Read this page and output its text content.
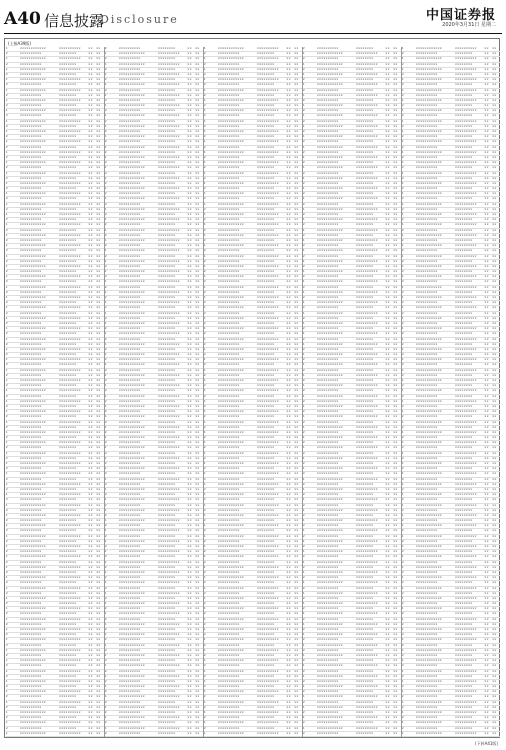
A40 信息披露
Disclosure	中国证券报
2020年3月31日 星期二
(上接A39版)
1	××××××××××××	××××××××××	××	××
2	××××××××××	××××××××	××	××
1	××××××××××××	××××××××××	××	××
2	××××××××××	××××××××	××	××
1	××××××××××××	××××××××××	××	××
2	××××××××××	××××××××	××	××
1	××××××××××××	××××××××××	××	××
2	××××××××××	××××××××	××	××
1	××××××××××××	××××××××××	××	××
2	××××××××××	××××××××	××	××
1	××××××××××××	××××××××××	××	××
2	××××××××××	××××××××	××	××
1	××××××××××××	××××××××××	××	××
2	××××××××××	××××××××	××	××
1	××××××××××××	××××××××××	××	××
2	××××××××××	××××××××	××	××
1	××××××××××××	××××××××××	××	××
2	××××××××××	××××××××	××	××
1	××××××××××××	××××××××××	××	××
2	××××××××××	××××××××	××	××
1	××××××××××××	××××××××××	××	××
2	××××××××××	××××××××	××	××
1	××××××××××××	××××××××××	××	××
2	××××××××××	××××××××	××	××
1	××××××××××××	××××××××××	××	××
2	××××××××××	××××××××	××	××
1	××××××××××××	××××××××××	××	××
2	××××××××××	××××××××	××	××
1	××××××××××××	××××××××××	××	××
2	××××××××××	××××××××	××	××
1	××××××××××××	××××××××××	××	××
2	××××××××××	××××××××	××	××
1	××××××××××××	××××××××××	××	××
2	××××××××××	××××××××	××	××
1	××××××××××××	××××××××××	××	××
2	××××××××××	××××××××	××	××
1	××××××××××××	××××××××××	××	××
2	××××××××××	××××××××	××	××
1	××××××××××××	××××××××××	××	××
2	××××××××××	××××××××	××	××
1	××××××××××××	××××××××××	××	××
2	××××××××××	××××××××	××	××
1	××××××××××××	××××××××××	××	××
2	××××××××××	××××××××	××	××
1	××××××××××××	××××××××××	××	××
2	××××××××××	××××××××	××	××
1	××××××××××××	××××××××××	××	××
2	××××××××××	××××××××	××	××
1	××××××××××××	××××××××××	××	××
2	××××××××××	××××××××	××	××
1	××××××××××××	××××××××××	××	××
2	××××××××××	××××××××	××	××
1	××××××××××××	××××××××××	××	××
2	××××××××××	××××××××	××	××
1	××××××××××××	××××××××××	××	××
2	××××××××××	××××××××	××	××
1	××××××××××××	××××××××××	××	××
2	××××××××××	××××××××	××	××
1	××××××××××××	××××××××××	××	××
2	××××××××××	××××××××	××	××
1	××××××××××××	××××××××××	××	××
2	××××××××××	××××××××	××	××
1	××××××××××××	××××××××××	××	××
2	××××××××××	××××××××	××	××
1	××××××××××××	××××××××××	××	××
2	××××××××××	××××××××	××	××
1	××××××××××××	××××××××××	××	××
2	××××××××××	××××××××	××	××
1	××××××××××××	××××××××××	××	××
2	××××××××××	××××××××	××	××
1	××××××××××××	××××××××××	××	××
2	××××××××××	××××××××	××	××
1	××××××××××××	××××××××××	××	××
2	××××××××××	××××××××	××	××
1	××××××××××××	××××××××××	××	××
2	××××××××××	××××××××	××	××
1	××××××××××××	××××××××××	××	××
2	××××××××××	××××××××	××	××
1	××××××××××××	××××××××××	××	××
2	××××××××××	××××××××	××	××
1	××××××××××××	××××××××××	××	××
2	××××××××××	××××××××	××	××
1	××××××××××××	××××××××××	××	××
2	××××××××××	××××××××	××	××
1	××××××××××××	××××××××××	××	××
2	××××××××××	××××××××	××	××
1	××××××××××××	××××××××××	××	××
2	××××××××××	××××××××	××	××
1	××××××××××××	××××××××××	××	××
2	××××××××××	××××××××	××	××
1	××××××××××××	××××××××××	××	××
2	××××××××××	××××××××	××	××
1	××××××××××××	××××××××××	××	××
2	××××××××××	××××××××	××	××
1	××××××××××××	××××××××××	××	××
2	××××××××××	××××××××	××	××
1	××××××××××××	××××××××××	××	××
2	××××××××××	××××××××	××	××
1	××××××××××××	××××××××××	××	××
2	××××××××××	××××××××	××	××
1	××××××××××××	××××××××××	××	××
2	××××××××××	××××××××	××	××
1	××××××××××××	××××××××××	××	××
2	××××××××××	××××××××	××	××
1	××××××××××××	××××××××××	××	××
2	××××××××××	××××××××	××	××
1	××××××××××××	××××××××××	××	××
2	××××××××××	××××××××	××	××
1	××××××××××××	××××××××××	××	××
2	××××××××××	××××××××	××	××
1	××××××××××××	××××××××××	××	××
2	××××××××××	××××××××	××	××
1	××××××××××××	××××××××××	××	××
2	××××××××××	××××××××	××	××
1	××××××××××××	××××××××××	××	××
2	××××××××××	××××××××	××	××
1	××××××××××××	××××××××××	××	××
2	××××××××××	××××××××	××	××
1	××××××××××××	××××××××××	××	××
2	××××××××××	××××××××	××	××
1	××××××××××××	××××××××××	××	××
2	××××××××××	××××××××	××	××
1	××××××××××××	××××××××××	××	××
2	××××××××××	××××××××	××	××
1	××××××××××××	××××××××××	××	××
2	××××××××××	××××××××	××	××
1	××××××××××××	××××××××××	××	××
2	××××××××××	××××××××	××	××
1	××××××××××××	××××××××××	××	××
2	××××××××××	××××××××	××	××
1	××××××××××××	××××××××××	××	××
2	××××××××××	××××××××	××	××
1	××××××××××××	××××××××××	××	××
2	××××××××××	××××××××	××	××
1	××××××××××××	××××××××××	××	××
2	××××××××××	××××××××	××	××
1	××××××××××××	××××××××××	××	××
2	××××××××××	××××××××	××	××
1	××××××××××××	××××××××××	××	××
2	××××××××××	××××××××	××	××
1	××××××××××××	××××××××××	××	××
2	××××××××××	××××××××	××	××
1	××××××××××××	××××××××××	××	××
2	××××××××××	××××××××	××	××
1	××××××××××××	××××××××××	××	××
2	××××××××××	××××××××	××	××
1	××××××××××××	××××××××××	××	××
2	××××××××××	××××××××	××	××
1	××××××××××××	××××××××××	××	××
2	××××××××××	××××××××	××	××
1	××××××××××××	××××××××××	××	××
2	××××××××××	××××××××	××	××
1	××××××××××××	××××××××××	××	××
2	××××××××××	××××××××	××	××
1	××××××××××××	××××××××××	××	××
2	××××××××××	××××××××	××	××
1	××××××××××××	××××××××××	××	××
2	××××××××××	××××××××	××	××
1	××××××××××××	××××××××××	××	××
2	××××××××××	××××××××	××	××
1	××××××××××××	××××××××××	××	××
2	××××××××××	××××××××	××	××
1	××××××××××××	××××××××××	××	××
2	××××××××××	××××××××	××	××
1	××××××××××××	××××××××××	××	××
2	××××××××××	××××××××	××	××
1	××××××××××××	××××××××××	××	××
2	××××××××××	××××××××	××	××
1	××××××××××××	××××××××××	××	××
2	××××××××××	××××××××	××	××
1	××××××××××××	××××××××××	××	××
2	××××××××××	××××××××	××	××
1	××××××××××××	××××××××××	××	××
2	××××××××××	××××××××	××	××
1	××××××××××××	××××××××××	××	××
2	××××××××××	××××××××	××	××
1	××××××××××××	××××××××××	××	××
2	××××××××××	××××××××	××	××
1	××××××××××××	××××××××××	××	××
2	××××××××××	××××××××	××	××
1	××××××××××××	××××××××××	××	××
2	××××××××××	××××××××	××	××
1	××××××××××××	××××××××××	××	××
2	××××××××××	××××××××	××	××
1	××××××××××××	××××××××××	××	××
2	××××××××××	××××××××	××	××
1	××××××××××××	××××××××××	××	××
2	××××××××××	××××××××	××	××
1	××××××××××××	××××××××××	××	××
2	××××××××××	××××××××	××	××
1	××××××××××××	××××××××××	××	××
2	××××××××××	××××××××	××	××
1	××××××××××××	××××××××××	××	××
2	××××××××××	××××××××	××	××
1	××××××××××××	××××××××××	××	××
2	××××××××××	××××××××	××	××
1	××××××××××××	××××××××××	××	××
2	××××××××××	××××××××	××	××
1	××××××××××××	××××××××××	××	××
2	××××××××××	××××××××	××	××
1	××××××××××××	××××××××××	××	××
2	××××××××××	××××××××	××	××
1	××××××××××××	××××××××××	××	××
2	××××××××××	××××××××	××	××
1	××××××××××××	××××××××××	××	××
2	××××××××××	××××××××	××	××
1	××××××××××××	××××××××××	××	××
2	××××××××××	××××××××	××	××
1	××××××××××××	××××××××××	××	××
2	××××××××××	××××××××	××	××
1	××××××××××××	××××××××××	××	××
2	××××××××××	××××××××	××	××
1	××××××××××××	××××××××××	××	××
2	××××××××××	××××××××	××	××
1	××××××××××××	××××××××××	××	××
2	××××××××××	××××××××	××	××
1	××××××××××××	××××××××××	××	××
2	××××××××××	××××××××	××	××
1	××××××××××××	××××××××××	××	××
2	××××××××××	××××××××	××	××
1	××××××××××××	××××××××××	××	××
2	××××××××××	××××××××	××	××
1	××××××××××××	××××××××××	××	××
2	××××××××××	××××××××	××	××
1	××××××××××××	××××××××××	××	××
2	××××××××××	××××××××	××	××
1	××××××××××××	××××××××××	××	××
2	××××××××××	××××××××	××	××
1	××××××××××××	××××××××××	××	××
2	××××××××××	××××××××	××	××
1	××××××××××××	××××××××××	××	××
2	××××××××××	××××××××	××	××
1	××××××××××××	××××××××××	××	××
2	××××××××××	××××××××	××	××
1	××××××××××××	××××××××××	××	××
2	××××××××××	××××××××	××	××
1	××××××××××××	××××××××××	××	××
2	××××××××××	××××××××	××	××
1	××××××××××××	××××××××××	××	××
2	××××××××××	××××××××	××	××
1	××××××××××××	××××××××××	××	××
2	××××××××××	××××××××	××	××
1	××××××××××××	××××××××××	××	××
2	××××××××××	××××××××	××	××
1	××××××××××××	××××××××××	××	××
2	××××××××××	××××××××	××	××
1	××××××××××××	××××××××××	××	××
2	××××××××××	××××××××	××	××
1	××××××××××××	××××××××××	××	××
2	××××××××××	××××××××	××	××
1	××××××××××××	××××××××××	××	××
2	××××××××××	××××××××	××	××
1	××××××××××××	××××××××××	××	××
2	××××××××××	××××××××	××	××
1	××××××××××××	××××××××××	××	××
2	××××××××××	××××××××	××	××
1	××××××××××××	××××××××××	××	××
2	××××××××××	××××××××	××	××
1	××××××××××××	××××××××××	××	××
2	××××××××××	××××××××	××	××
1	××××××××××××	××××××××××	××	××
2	××××××××××	××××××××	××	××
1	××××××××××××	××××××××××	××	××
2	××××××××××	××××××××	××	××
1	××××××××××××	××××××××××	××	××
2	××××××××××	××××××××	××	××
1	××××××××××××	××××××××××	××	××
2	××××××××××	××××××××	××	××
1	××××××××××××	××××××××××	××	××
2	××××××××××	××××××××	××	××
1	××××××××××××	××××××××××	××	××
2	××××××××××	××××××××	××	××
1	××××××××××××	××××××××××	××	××
2	××××××××××	××××××××	××	××
1	××××××××××××	××××××××××	××	××
2	××××××××××	××××××××	××	××
1	××××××××××××	××××××××××	××	××
2	××××××××××	××××××××	××	××
1	××××××××××××	××××××××××	××	××
2	××××××××××	××××××××	××	××
1	××××××××××××	××××××××××	××	××
2	××××××××××	××××××××	××	××
1	××××××××××××	××××××××××	××	××
2	××××××××××	××××××××	××	××
1	××××××××××××	××××××××××	××	××
2	××××××××××	××××××××	××	××
1	××××××××××××	××××××××××	××	××
2	××××××××××	××××××××	××	××
1	××××××××××××	××××××××××	××	××
2	××××××××××	××××××××	××	××
1	××××××××××××	××××××××××	××	××
2	××××××××××	××××××××	××	××
1	××××××××××××	××××××××××	××	××
2	××××××××××	××××××××	××	××
1	××××××××××××	××××××××××	××	××
2	××××××××××	××××××××	××	××
1	××××××××××××	××××××××××	××	××
2	××××××××××	××××××××	××	××
1	××××××××××××	××××××××××	××	××
2	××××××××××	××××××××	××	××
1	××××××××××××	××××××××××	××	××
2	××××××××××	××××××××	××	××
1	××××××××××××	××××××××××	××	××
2	××××××××××	××××××××	××	××
1	××××××××××××	××××××××××	××	××
2	××××××××××	××××××××	××	××
1	××××××××××××	××××××××××	××	××
2	××××××××××	××××××××	××	××
1	××××××××××××	××××××××××	××	××
2	××××××××××	××××××××	××	××
1	××××××××××××	××××××××××	××	××
2	××××××××××	××××××××	××	××
1	××××××××××××	××××××××××	××	××
2	××××××××××	××××××××	××	××
1	××××××××××××	××××××××××	××	××
2	××××××××××	××××××××	××	××
1	××××××××××××	××××××××××	××	××
2	××××××××××	××××××××	××	××
1	××××××××××××	××××××××××	××	××
2	××××××××××	××××××××	××	××
1	××××××××××××	××××××××××	××	××
2	××××××××××	××××××××	××	××
1	××××××××××××	××××××××××	××	××
2	××××××××××	××××××××	××	××
1	××××××××××××	××××××××××	××	××
2	××××××××××	××××××××	××	××
1	××××××××××××	××××××××××	××	××
2	××××××××××	××××××××	××	××
1	××××××××××××	××××××××××	××	××
2	××××××××××	××××××××	××	××
1	××××××××××××	××××××××××	××	××
2	××××××××××	××××××××	××	××
1	××××××××××××	××××××××××	××	××
2	××××××××××	××××××××	××	××
1	××××××××××××	××××××××××	××	××
2	××××××××××	××××××××	××	××
1	××××××××××××	××××××××××	××	××
2	××××××××××	××××××××	××	××
1	××××××××××××	××××××××××	××	××
2	××××××××××	××××××××	××	××
1	××××××××××××	××××××××××	××	××
2	××××××××××	××××××××	××	××
1	××××××××××××	××××××××××	××	××
2	××××××××××	××××××××	××	××
1	××××××××××××	××××××××××	××	××
2	××××××××××	××××××××	××	××
1	××××××××××××	××××××××××	××	××
2	××××××××××	××××××××	××	××
1	××××××××××××	××××××××××	××	××
2	××××××××××	××××××××	××	××
1	××××××××××××	××××××××××	××	××
2	××××××××××	××××××××	××	××
1	××××××××××××	××××××××××	××	××
2	××××××××××	××××××××	××	××
1	××××××××××××	××××××××××	××	××
2	××××××××××	××××××××	××	××
1	××××××××××××	××××××××××	××	××
2	××××××××××	××××××××	××	××
1	××××××××××××	××××××××××	××	××
2	××××××××××	××××××××	××	××
1	××××××××××××	××××××××××	××	××
2	××××××××××	××××××××	××	××
1	××××××××××××	××××××××××	××	××
2	××××××××××	××××××××	××	××
1	××××××××××××	××××××××××	××	××
2	××××××××××	××××××××	××	××
1	××××××××××××	××××××××××	××	××
2	××××××××××	××××××××	××	××
1	××××××××××××	××××××××××	××	××
2	××××××××××	××××××××	××	××
1	××××××××××××	××××××××××	××	××
2	××××××××××	××××××××	××	××
1	××××××××××××	××××××××××	××	××
2	××××××××××	××××××××	××	××
1	××××××××××××	××××××××××	××	××
2	××××××××××	××××××××	××	××
1	××××××××××××	××××××××××	××	××
2	××××××××××	××××××××	××	××
1	××××××××××××	××××××××××	××	××
2	××××××××××	××××××××	××	××
1	××××××××××××	××××××××××	××	××
2	××××××××××	××××××××	××	××
1	××××××××××××	××××××××××	××	××
2	××××××××××	××××××××	××	××
1	××××××××××××	××××××××××	××	××
2	××××××××××	××××××××	××	××
1	××××××××××××	××××××××××	××	××
2	××××××××××	××××××××	××	××
1	××××××××××××	××××××××××	××	××
2	××××××××××	××××××××	××	××
1	××××××××××××	××××××××××	××	××
2	××××××××××	××××××××	××	××
1	××××××××××××	××××××××××	××	××
2	××××××××××	××××××××	××	××
1	××××××××××××	××××××××××	××	××
2	××××××××××	××××××××	××	××
1	××××××××××××	××××××××××	××	××
2	××××××××××	××××××××	××	××
1	××××××××××××	××××××××××	××	××
2	××××××××××	××××××××	××	××
1	××××××××××××	××××××××××	××	××
2	××××××××××	××××××××	××	××
1	××××××××××××	××××××××××	××	××
2	××××××××××	××××××××	××	××
1	××××××××××××	××××××××××	××	××
2	××××××××××	××××××××	××	××
1	××××××××××××	××××××××××	××	××
2	××××××××××	××××××××	××	××
1	××××××××××××	××××××××××	××	××
2	××××××××××	××××××××	××	××
1	××××××××××××	××××××××××	××	××
2	××××××××××	××××××××	××	××
1	××××××××××××	××××××××××	××	××
2	××××××××××	××××××××	××	××
1	××××××××××××	××××××××××	××	××
2	××××××××××	××××××××	××	××
1	××××××××××××	××××××××××	××	××
2	××××××××××	××××××××	××	××
1	××××××××××××	××××××××××	××	××
2	××××××××××	××××××××	××	××
1	××××××××××××	××××××××××	××	××
2	××××××××××	××××××××	××	××
1	××××××××××××	××××××××××	××	××
2	××××××××××	××××××××	××	××
1	××××××××××××	××××××××××	××	××
2	××××××××××	××××××××	××	××
1	××××××××××××	××××××××××	××	××
2	××××××××××	××××××××	××	××
1	××××××××××××	××××××××××	××	××
2	××××××××××	××××××××	××	××
1	××××××××××××	××××××××××	××	××
2	××××××××××	××××××××	××	××
1	××××××××××××	××××××××××	××	××
2	××××××××××	××××××××	××	××
1	××××××××××××	××××××××××	××	××
2	××××××××××	××××××××	××	××
1	××××××××××××	××××××××××	××	××
2	××××××××××	××××××××	××	××
1	××××××××××××	××××××××××	××	××
2	××××××××××	××××××××	××	××
1	××××××××××××	××××××××××	××	××
2	××××××××××	××××××××	××	××
1	××××××××××××	××××××××××	××	××
2	××××××××××	××××××××	××	××
1	××××××××××××	××××××××××	××	××
2	××××××××××	××××××××	××	××
1	××××××××××××	××××××××××	××	××
2	××××××××××	××××××××	××	××
1	××××××××××××	××××××××××	××	××
2	××××××××××	××××××××	××	××
1	××××××××××××	××××××××××	××	××
2	××××××××××	××××××××	××	××
1	××××××××××××	××××××××××	××	××
2	××××××××××	××××××××	××	××
1	××××××××××××	××××××××××	××	××
2	××××××××××	××××××××	××	××
1	××××××××××××	××××××××××	××	××
2	××××××××××	××××××××	××	××
1	××××××××××××	××××××××××	××	××
2	××××××××××	××××××××	××	××
1	××××××××××××	××××××××××	××	××
2	××××××××××	××××××××	××	××
1	××××××××××××	××××××××××	××	××
2	××××××××××	××××××××	××	××
1	××××××××××××	××××××××××	××	××
2	××××××××××	××××××××	××	××
1	××××××××××××	××××××××××	××	××
2	××××××××××	××××××××	××	××
1	××××××××××××	××××××××××	××	××
2	××××××××××	××××××××	××	××
1	××××××××××××	××××××××××	××	××
2	××××××××××	××××××××	××	××
1	××××××××××××	××××××××××	××	××
2	××××××××××	××××××××	××	××
1	××××××××××××	××××××××××	××	××
2	××××××××××	××××××××	××	××
1	××××××××××××	××××××××××	××	××
2	××××××××××	××××××××	××	××
1	××××××××××××	××××××××××	××	××
2	××××××××××	××××××××	××	××
1	××××××××××××	××××××××××	××	××
2	××××××××××	××××××××	××	××
1	××××××××××××	××××××××××	××	××
2	××××××××××	××××××××	××	××
1	××××××××××××	××××××××××	××	××
2	××××××××××	××××××××	××	××
1	××××××××××××	××××××××××	××	××
2	××××××××××	××××××××	××	××
1	××××××××××××	××××××××××	××	××
2	××××××××××	××××××××	××	××
1	××××××××××××	××××××××××	××	××
2	××××××××××	××××××××	××	××
1	××××××××××××	××××××××××	××	××
2	××××××××××	××××××××	××	××
1	××××××××××××	××××××××××	××	××
2	××××××××××	××××××××	××	××
1	××××××××××××	××××××××××	××	××
2	××××××××××	××××××××	××	××
1	××××××××××××	××××××××××	××	××
2	××××××××××	××××××××	××	××
1	××××××××××××	××××××××××	××	××
2	××××××××××	××××××××	××	××
1	××××××××××××	××××××××××	××	××
2	××××××××××	××××××××	××	××
1	××××××××××××	××××××××××	××	××
2	××××××××××	××××××××	××	××
1	××××××××××××	××××××××××	××	××
2	××××××××××	××××××××	××	××
1	××××××××××××	××××××××××	××	××
2	××××××××××	××××××××	××	××
1	××××××××××××	××××××××××	××	××
2	××××××××××	××××××××	××	××
1	××××××××××××	××××××××××	××	××
2	××××××××××	××××××××	××	××
1	××××××××××××	××××××××××	××	××
2	××××××××××	××××××××	××	××
1	××××××××××××	××××××××××	××	××
2	××××××××××	××××××××	××	××
1	××××××××××××	××××××××××	××	××
2	××××××××××	××××××××	××	××
1	××××××××××××	××××××××××	××	××
2	××××××××××	××××××××	××	××
1	××××××××××××	××××××××××	××	××
2	××××××××××	××××××××	××	××
1	××××××××××××	××××××××××	××	××
2	××××××××××	××××××××	××	××
1	××××××××××××	××××××××××	××	××
2	××××××××××	××××××××	××	××
1	××××××××××××	××××××××××	××	××
2	××××××××××	××××××××	××	××
1	××××××××××××	××××××××××	××	××
2	××××××××××	××××××××	××	××
1	××××××××××××	××××××××××	××	××
2	××××××××××	××××××××	××	××
1	××××××××××××	××××××××××	××	××
2	××××××××××	××××××××	××	××
1	××××××××××××	××××××××××	××	××
2	××××××××××	××××××××	××	××
1	××××××××××××	××××××××××	××	××
2	××××××××××	××××××××	××	××
1	××××××××××××	××××××××××	××	××
2	××××××××××	××××××××	××	××
1	××××××××××××	××××××××××	××	××
2	××××××××××	××××××××	××	××
1	××××××××××××	××××××××××	××	××
2	××××××××××	××××××××	××	××
1	××××××××××××	××××××××××	××	××
2	××××××××××	××××××××	××	××
1	××××××××××××	××××××××××	××	××
2	××××××××××	××××××××	××	××
1	××××××××××××	××××××××××	××	××
2	××××××××××	××××××××	××	××
1	××××××××××××	××××××××××	××	××
2	××××××××××	××××××××	××	××
1	××××××××××××	××××××××××	××	××
2	××××××××××	××××××××	××	××
1	××××××××××××	××××××××××	××	××
2	××××××××××	××××××××	××	××
1	××××××××××××	××××××××××	××	××
2	××××××××××	××××××××	××	××
1	××××××××××××	××××××××××	××	××
2	××××××××××	××××××××	××	××
1	××××××××××××	××××××××××	××	××
2	××××××××××	××××××××	××	××
1	××××××××××××	××××××××××	××	××
2	××××××××××	××××××××	××	××
1	××××××××××××	××××××××××	××	××
2	××××××××××	××××××××	××	××
1	××××××××××××	××××××××××	××	××
2	××××××××××	××××××××	××	××
1	××××××××××××	××××××××××	××	××
2	××××××××××	××××××××	××	××
1	××××××××××××	××××××××××	××	××
2	××××××××××	××××××××	××	××
1	××××××××××××	××××××××××	××	××
2	××××××××××	××××××××	××	××
1	××××××××××××	××××××××××	××	××
2	××××××××××	××××××××	××	××
1	××××××××××××	××××××××××	××	××
2	××××××××××	××××××××	××	××
1	××××××××××××	××××××××××	××	××
2	××××××××××	××××××××	××	××
1	××××××××××××	××××××××××	××	××
2	××××××××××	××××××××	××	××
1	××××××××××××	××××××××××	××	××
2	××××××××××	××××××××	××	××
1	××××××××××××	××××××××××	××	××
2	××××××××××	××××××××	××	××
1	××××××××××××	××××××××××	××	××
2	××××××××××	××××××××	××	××
1	××××××××××××	××××××××××	××	××
2	××××××××××	××××××××	××	××
1	××××××××××××	××××××××××	××	××
2	××××××××××	××××××××	××	××
1	××××××××××××	××××××××××	××	××
2	××××××××××	××××××××	××	××
1	××××××××××××	××××××××××	××	××
2	××××××××××	××××××××	××	××
1	××××××××××××	××××××××××	××	××
2	××××××××××	××××××××	××	××
1	××××××××××××	××××××××××	××	××
2	××××××××××	××××××××	××	××
1	××××××××××××	××××××××××	××	××
2	××××××××××	××××××××	××	××
1	××××××××××××	××××××××××	××	××
2	××××××××××	××××××××	××	××
1	××××××××××××	××××××××××	××	××
2	××××××××××	××××××××	××	××
1	××××××××××××	××××××××××	××	××
2	××××××××××	××××××××	××	××
1	××××××××××××	××××××××××	××	××
2	××××××××××	××××××××	××	××
1	××××××××××××	××××××××××	××	××
2	××××××××××	××××××××	××	××
1	××××××××××××	××××××××××	××	××
2	××××××××××	××××××××	××	××
1	××××××××××××	××××××××××	××	××
2	××××××××××	××××××××	××	××
1	××××××××××××	××××××××××	××	××
2	××××××××××	××××××××	××	××
1	××××××××××××	××××××××××	××	××
2	××××××××××	××××××××	××	××
1	××××××××××××	××××××××××	××	××
2	××××××××××	××××××××	××	××
1	××××××××××××	××××××××××	××	××
2	××××××××××	××××××××	××	××
1	××××××××××××	××××××××××	××	××
2	××××××××××	××××××××	××	××
1	××××××××××××	××××××××××	××	××
2	××××××××××	××××××××	××	××
1	××××××××××××	××××××××××	××	××
2	××××××××××	××××××××	××	××
1	××××××××××××	××××××××××	××	××
2	××××××××××	××××××××	××	××
1	××××××××××××	××××××××××	××	××
2	××××××××××	××××××××	××	××
1	××××××××××××	××××××××××	××	××
2	××××××××××	××××××××	××	××
1	××××××××××××	××××××××××	××	××
2	××××××××××	××××××××	××	××
1	××××××××××××	××××××××××	××	××
2	××××××××××	××××××××	××	××
1	××××××××××××	××××××××××	××	××
2	××××××××××	××××××××	××	××
1	××××××××××××	××××××××××	××	××
2	××××××××××	××××××××	××	××
1	××××××××××××	××××××××××	××	××
2	××××××××××	××××××××	××	××
1	××××××××××××	××××××××××	××	××
2	××××××××××	××××××××	××	××
1	××××××××××××	××××××××××	××	××
2	××××××××××	××××××××	××	××
1	××××××××××××	××××××××××	××	××
2	××××××××××	××××××××	××	××
1	××××××××××××	××××××××××	××	××
2	××××××××××	××××××××	××	××
1	××××××××××××	××××××××××	××	××
2	××××××××××	××××××××	××	××
1	××××××××××××	××××××××××	××	××
2	××××××××××	××××××××	××	××
1	××××××××××××	××××××××××	××	××
2	××××××××××	××××××××	××	××
1	××××××××××××	××××××××××	××	××
2	××××××××××	××××××××	××	××
1	××××××××××××	××××××××××	××	××
(下转A41版)
